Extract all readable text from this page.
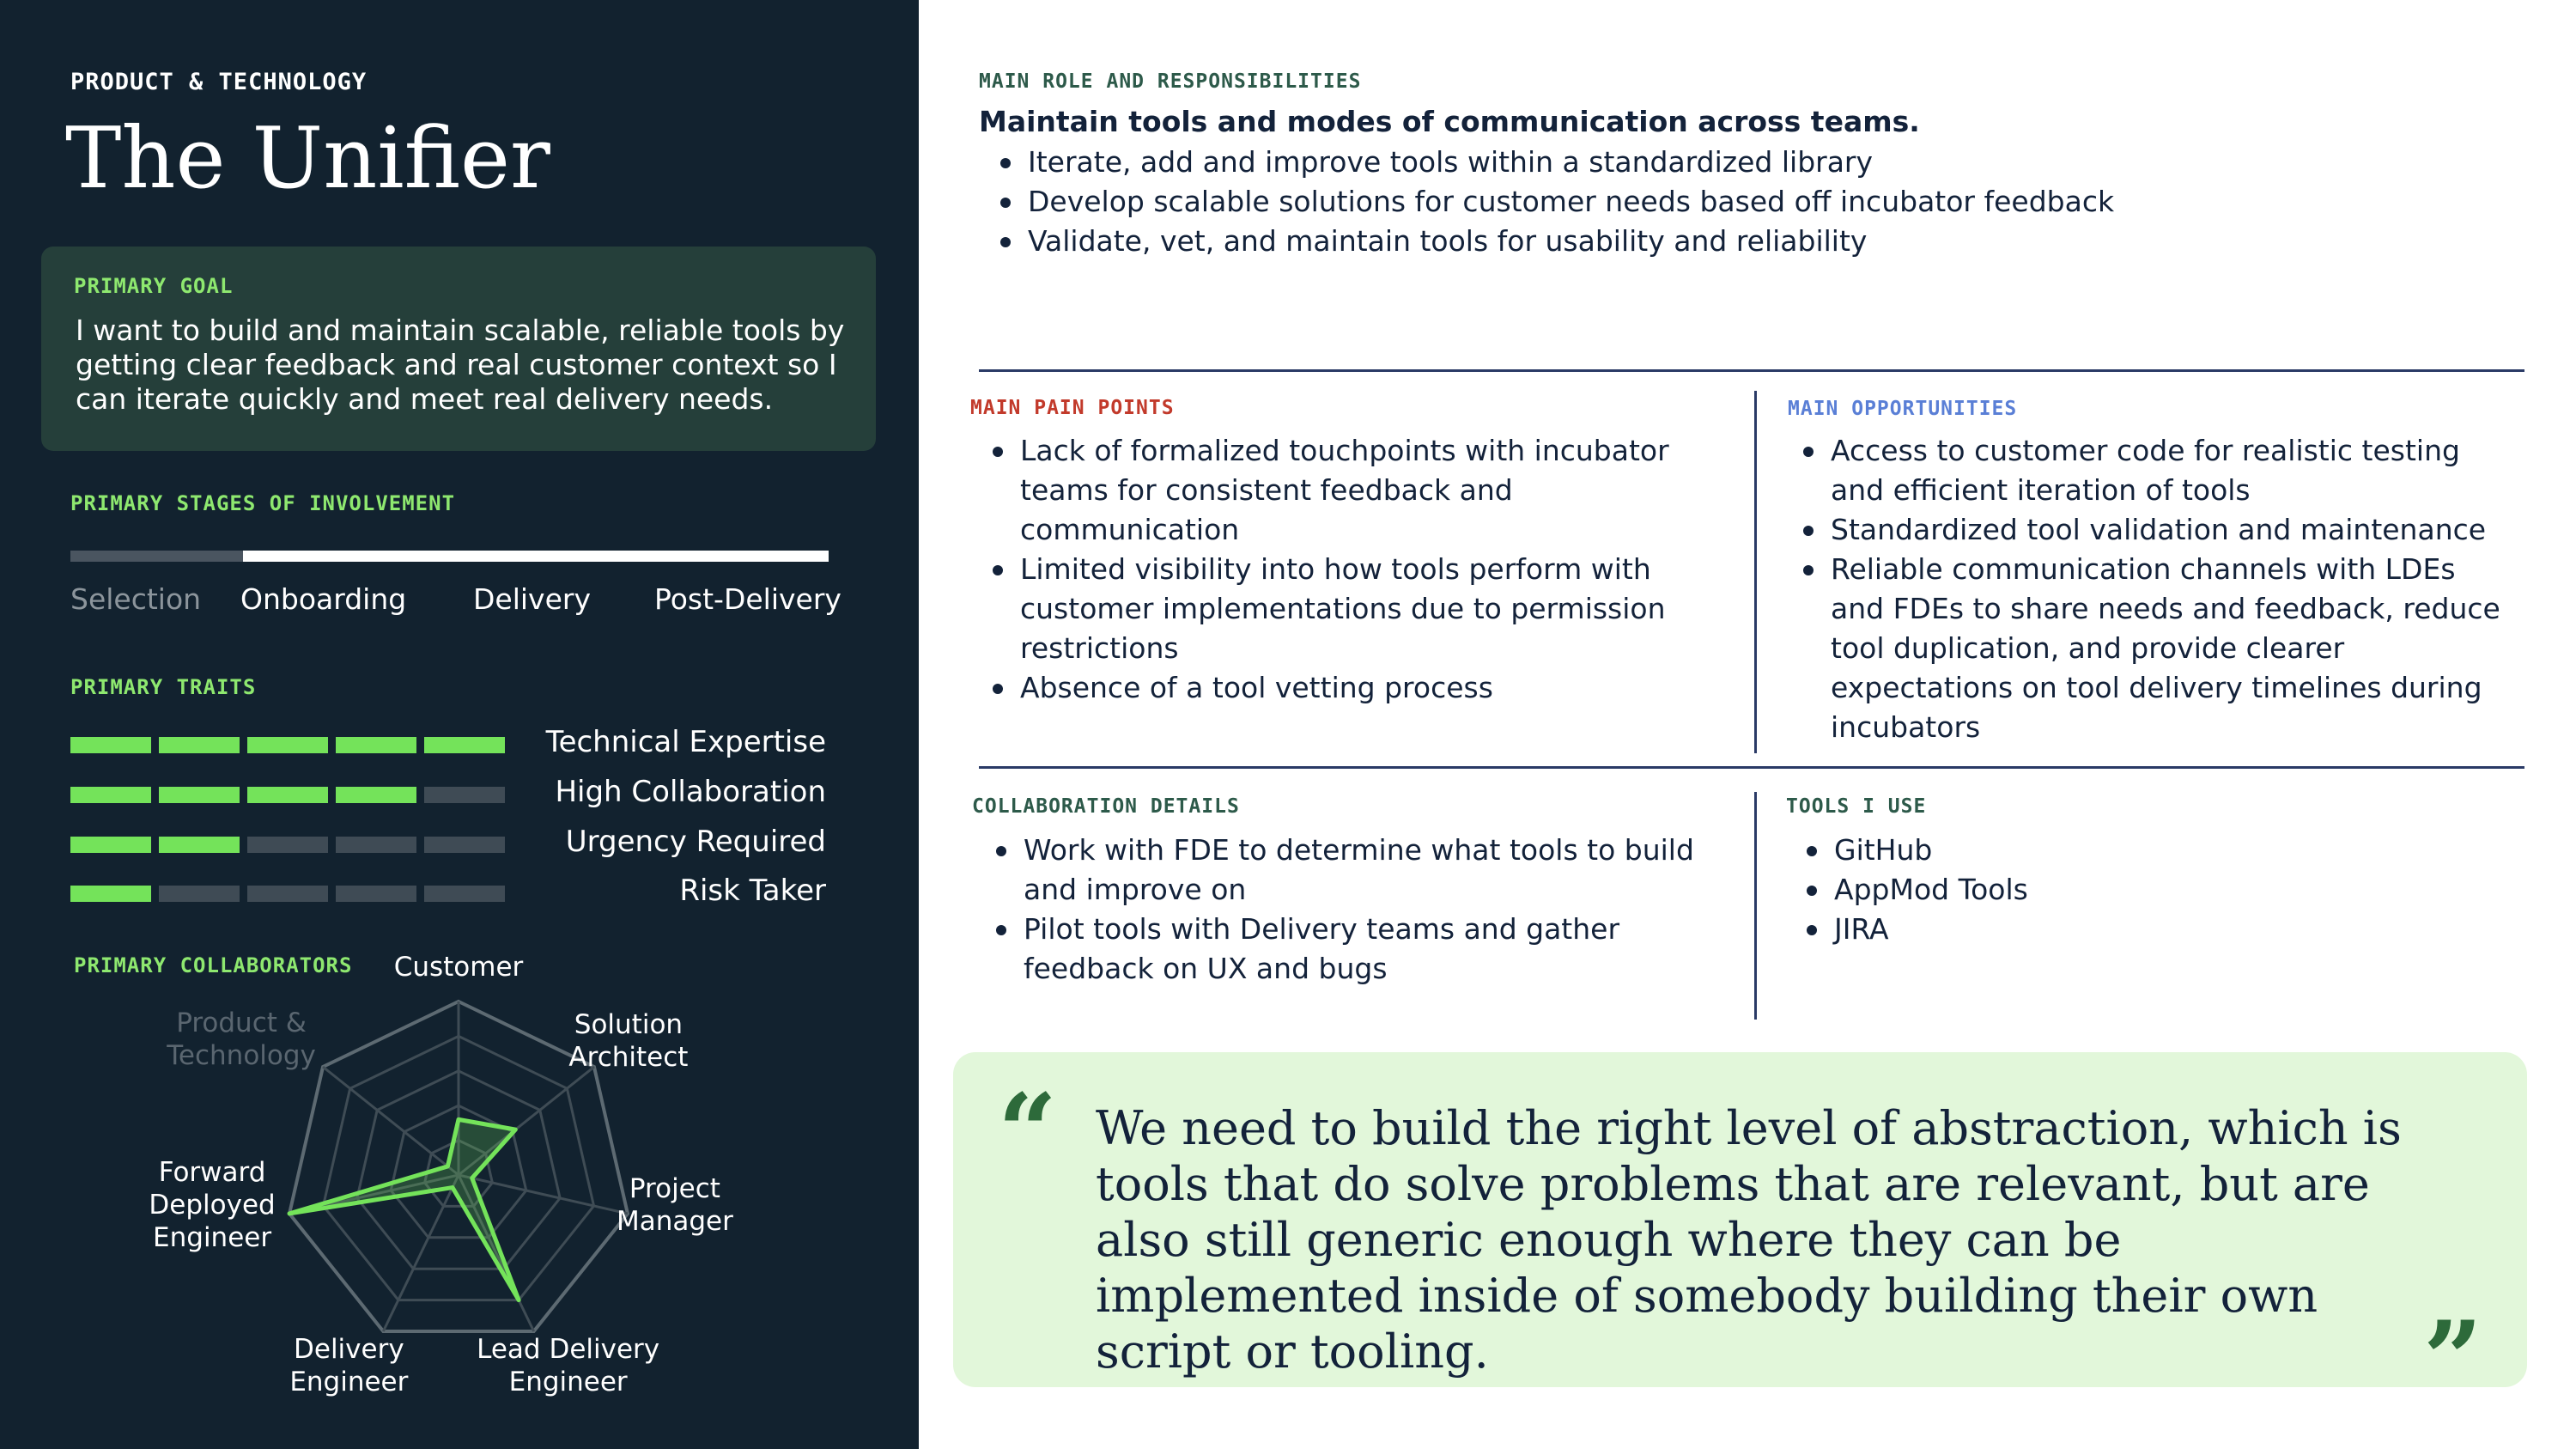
PRODUCT & TECHNOLOGY
The Unifier
PRIMARY GOAL
I want to build and maintain scalable, reliable tools by getting clear feedback and real customer context so I can iterate quickly and meet real delivery needs.
PRIMARY STAGES OF INVOLVEMENT
Selection Onboarding Delivery Post-Delivery
PRIMARY TRAITS
Technical Expertise
High Collaboration
Urgency Required
Risk Taker
PRIMARY COLLABORATORS Customer
Solution Architect
Project Manager
Lead Delivery Engineer
Delivery Engineer
Forward Deployed Engineer
Product & Technology
MAIN ROLE AND RESPONSIBILITIES
Maintain tools and modes of communication across teams.
Iterate, add and improve tools within a standardized library
Develop scalable solutions for customer needs based off incubator feedback
Validate, vet, and maintain tools for usability and reliability
MAIN PAIN POINTS
Lack of formalized touchpoints with incubator teams for consistent feedback and communication
Limited visibility into how tools perform with customer implementations due to permission restrictions
Absence of a tool vetting process
MAIN OPPORTUNITIES
Access to customer code for realistic testing and efficient iteration of tools
Standardized tool validation and maintenance
Reliable communication channels with LDEs and FDEs to share needs and feedback, reduce tool duplication, and provide clearer expectations on tool delivery timelines during incubators
COLLABORATION DETAILS
Work with FDE to determine what tools to build and improve on
Pilot tools with Delivery teams and gather feedback on UX and bugs
TOOLS I USE
GitHub
AppMod Tools
JIRA
“ We need to build the right level of abstraction, which is tools that do solve problems that are relevant, but are also still generic enough where they can be implemented inside of somebody building their own script or tooling.	”
